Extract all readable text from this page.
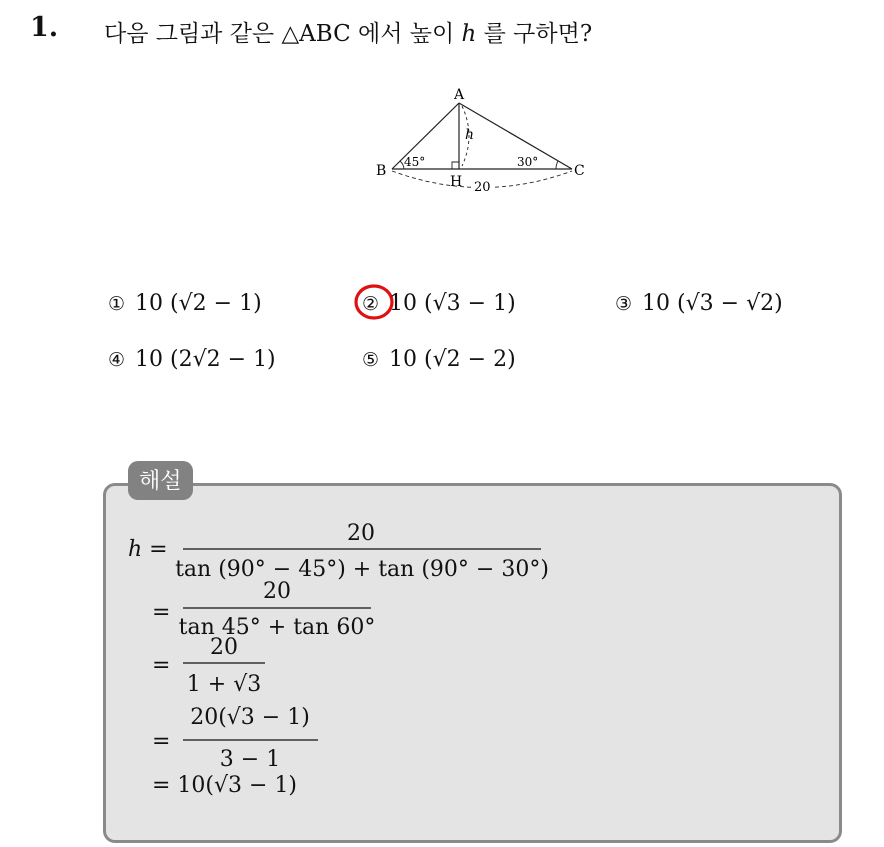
1. 다음 그림과 같은 △ABC 에서 높이 h 를 구하면?
A
B	C
H
h
45°	30°
20
① 10 (√2 − 1)	② 10 (√3 − 1)	③ 10 (√3 − √2)
④ 10 (2√2 − 1)	⑤ 10 (√2 − 2)
해설
h =
20
tan (90° − 45°) + tan (90° − 30°)
=
20
tan 45° + tan 60°
=
20
1 + √3
=
20(√3 − 1)
3 − 1
= 10(√3 − 1)
